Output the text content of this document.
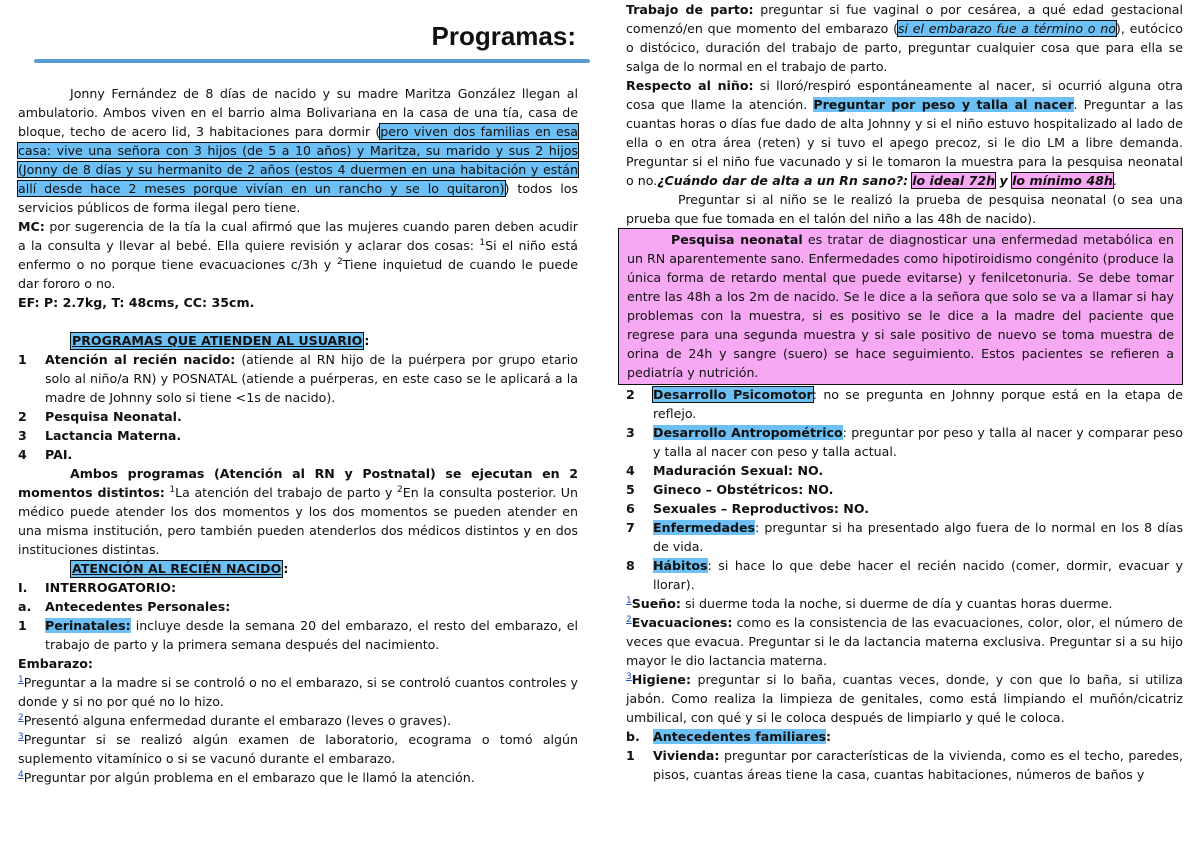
Programas:

Jonny Fernández de 8 días de nacido y su madre Maritza González llegan al ambulatorio. Ambos viven en el barrio alma Bolivariana en la casa de una tía, casa de bloque, techo de acero lid, 3 habitaciones para dormir (pero viven dos familias en esa casa: vive una señora con 3 hijos (de 5 a 10 años) y Maritza, su marido y sus 2 hijos (Jonny de 8 días y su hermanito de 2 años (estos 4 duermen en una habitación y están allí desde hace 2 meses porque vivían en un rancho y se lo quitaron)) todos los servicios públicos de forma ilegal pero tiene.

MC: por sugerencia de la tía la cual afirmó que las mujeres cuando paren deben acudir a la consulta y llevar al bebé. Ella quiere revisión y aclarar dos cosas: $^1$Si el niño está enfermo o no porque tiene evacuaciones c/3h y $^2$Tiene inquietud de cuando le puede dar fororo o no.

EF: P: 2.7kg, T: 48cms, CC: 35cm.

PROGRAMAS QUE ATIENDEN AL USUARIO :

1 Atención al recién nacido: (atiende al RN hijo de la puérpera por grupo etario solo al niño/a RN) y POSNATAL (atiende a puérperas, en este caso se le aplicará a la madre de Johnny solo si tiene <1s de nacido).
2 Pesquisa Neonatal.
3 Lactancia Materna.
4 PAI.

Ambos programas (Atención al RN y Postnatal) se ejecutan en 2 momentos distintos: $^1$La atención del trabajo de parto y $^2$En la consulta posterior. Un médico puede atender los dos momentos y los dos momentos se pueden atender en una misma institución, pero también pueden atenderlos dos médicos distintos y en dos instituciones distintas.

ATENCIÓN AL RECIÉN NACIDO :

I. INTERROGATORIO:
a. Antecedentes Personales:
1 Perinatales: incluye desde la semana 20 del embarazo, el resto del embarazo, el trabajo de parto y la primera semana después del nacimiento.

Embarazo:

$^1$Preguntar a la madre si se controló o no el embarazo, si se controló cuantos controles y donde y si no por qué no lo hizo.

$^2$Presentó alguna enfermedad durante el embarazo (leves o graves).

$^3$Preguntar si se realizó algún examen de laboratorio, ecograma o tomó algún suplemento vitamínico o si se vacunó durante el embarazo.

$^4$Preguntar por algún problema en el embarazo que le llamó la atención.

Trabajo de parto: preguntar si fue vaginal o por cesárea, a qué edad gestacional comenzó/en que momento del embarazo (si el embarazo fue a término o no), eutócico o distócico, duración del trabajo de parto, preguntar cualquier cosa que para ella se salga de lo normal en el trabajo de parto.

Respecto al niño: si lloró/respiró espontáneamente al nacer, si ocurrió alguna otra cosa que llame la atención. Preguntar por peso y talla al nacer. Preguntar a las cuantas horas o días fue dado de alta Johnny y si el niño estuvo hospitalizado al lado de ella o en otra área (reten) y si tuvo el apego precoz, si le dio LM a libre demanda. Preguntar si el niño fue vacunado y si le tomaron la muestra para la pesquisa neonatal o no.¿Cuándo dar de alta a un Rn sano?: lo ideal 72h y lo mínimo 48h.

Preguntar si al niño se le realizó la prueba de pesquisa neonatal (o sea una prueba que fue tomada en el talón del niño a las 48h de nacido).

Pesquisa neonatal es tratar de diagnosticar una enfermedad metabólica en un RN aparentemente sano. Enfermedades como hipotiroidismo congénito (produce la única forma de retardo mental que puede evitarse) y fenilcetonuria. Se debe tomar entre las 48h a los 2m de nacido. Se le dice a la señora que solo se va a llamar si hay problemas con la muestra, si es positivo se le dice a la madre del paciente que regrese para una segunda muestra y si sale positivo de nuevo se toma muestra de orina de 24h y sangre (suero) se hace seguimiento. Estos pacientes se refieren a pediatría y nutrición.
2 Desarrollo Psicomotor: no se pregunta en Johnny porque está en la etapa de reflejo.
3 Desarrollo Antropométrico: preguntar por peso y talla al nacer y comparar peso y talla al nacer con peso y talla actual.
4 Maduración Sexual: NO.
5 Gineco – Obstétricos: NO.
6 Sexuales – Reproductivos: NO.
7 Enfermedades: preguntar si ha presentado algo fuera de lo normal en los 8 días de vida.
8 Hábitos: si hace lo que debe hacer el recién nacido (comer, dormir, evacuar y llorar).

$^1$Sueño: si duerme toda la noche, si duerme de día y cuantas horas duerme.

$^2$Evacuaciones: como es la consistencia de las evacuaciones, color, olor, el número de veces que evacua. Preguntar si le da lactancia materna exclusiva. Preguntar si a su hijo mayor le dio lactancia materna.

$^3$Higiene: preguntar si lo baña, cuantas veces, donde, y con que lo baña, si utiliza jabón. Como realiza la limpieza de genitales, como está limpiando el muñón/cicatriz umbilical, con qué y si le coloca después de limpiarlo y qué le coloca.

b. Antecedentes familiares:
1 Vivienda: preguntar por características de la vivienda, como es el techo, paredes, pisos, cuantas áreas tiene la casa, cuantas habitaciones, números de baños y
